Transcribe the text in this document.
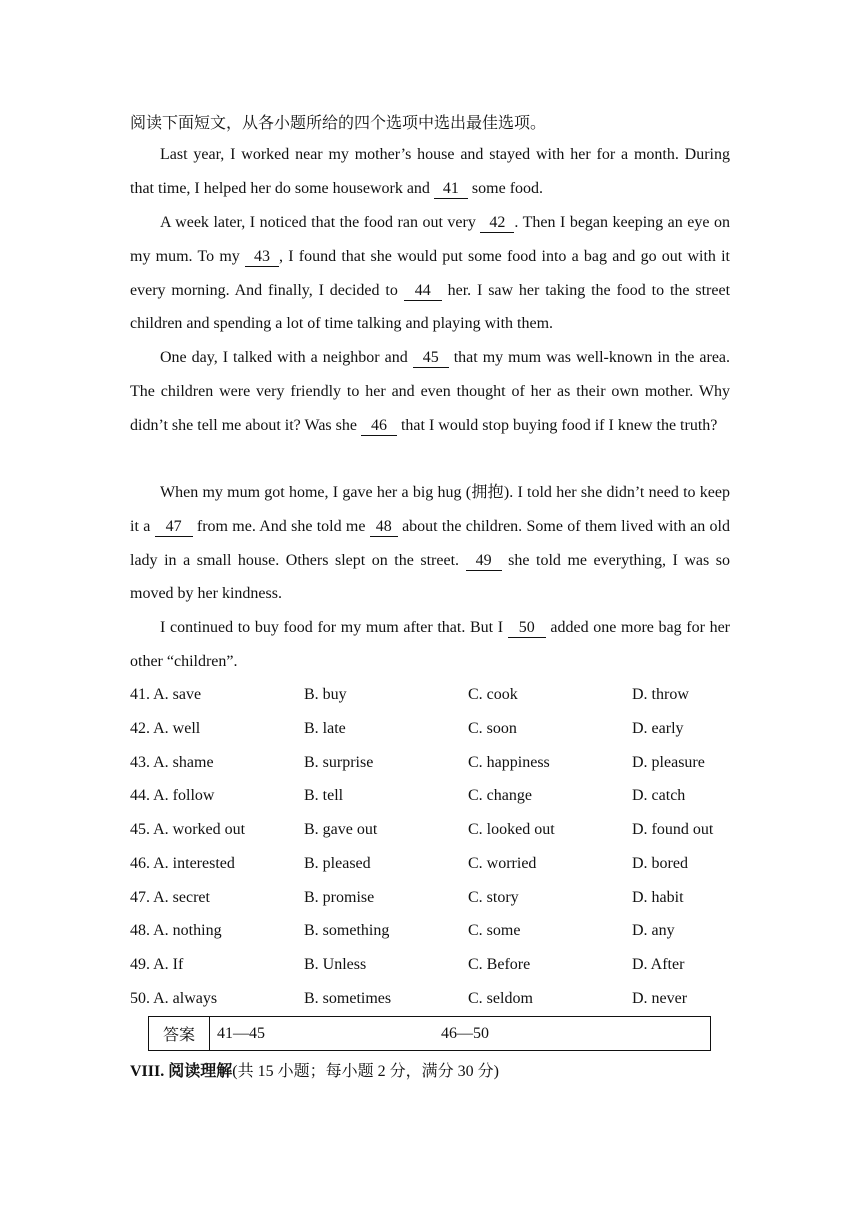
阅读下面短文，从各小题所给的四个选项中选出最佳选项。

Last year, I worked near my mother’s house and stayed with her for a month. During that time, I helped her do some housework and 41 some food.

A week later, I noticed that the food ran out very 42 . Then I began keeping an eye on my mum. To my 43 , I found that she would put some food into a bag and go out with it every morning. And finally, I decided to 44 her. I saw her taking the food to the street children and spending a lot of time talking and playing with them.

One day, I talked with a neighbor and 45 that my mum was well-known in the area. The children were very friendly to her and even thought of her as their own mother. Why didn’t she tell me about it? Was she 46 that I would stop buying food if I knew the truth?

When my mum got home, I gave her a big hug (拥抱). I told her she didn’t need to keep it a 47 from me. And she told me 48 about the children. Some of them lived with an old lady in a small house. Others slept on the street. 49 she told me everything, I was so moved by her kindness.

I continued to buy food for my mum after that. But I 50 added one more bag for her other “children”.

41. A. save	B. buy	C. cook	D. throw
42. A. well	B. late	C. soon	D. early
43. A. shame	B. surprise	C. happiness	D. pleasure
44. A. follow	B. tell	C. change	D. catch
45. A. worked out	B. gave out	C. looked out	D. found out
46. A. interested	B. pleased	C. worried	D. bored
47. A. secret	B. promise	C. story	D. habit
48. A. nothing	B. something	C. some	D. any
49. A. If	B. Unless	C. Before	D. After
50. A. always	B. sometimes	C. seldom	D. never
答案	41—45	46—50
VIII. 阅读理解(共 15 小题；每小题 2 分，满分 30 分)
